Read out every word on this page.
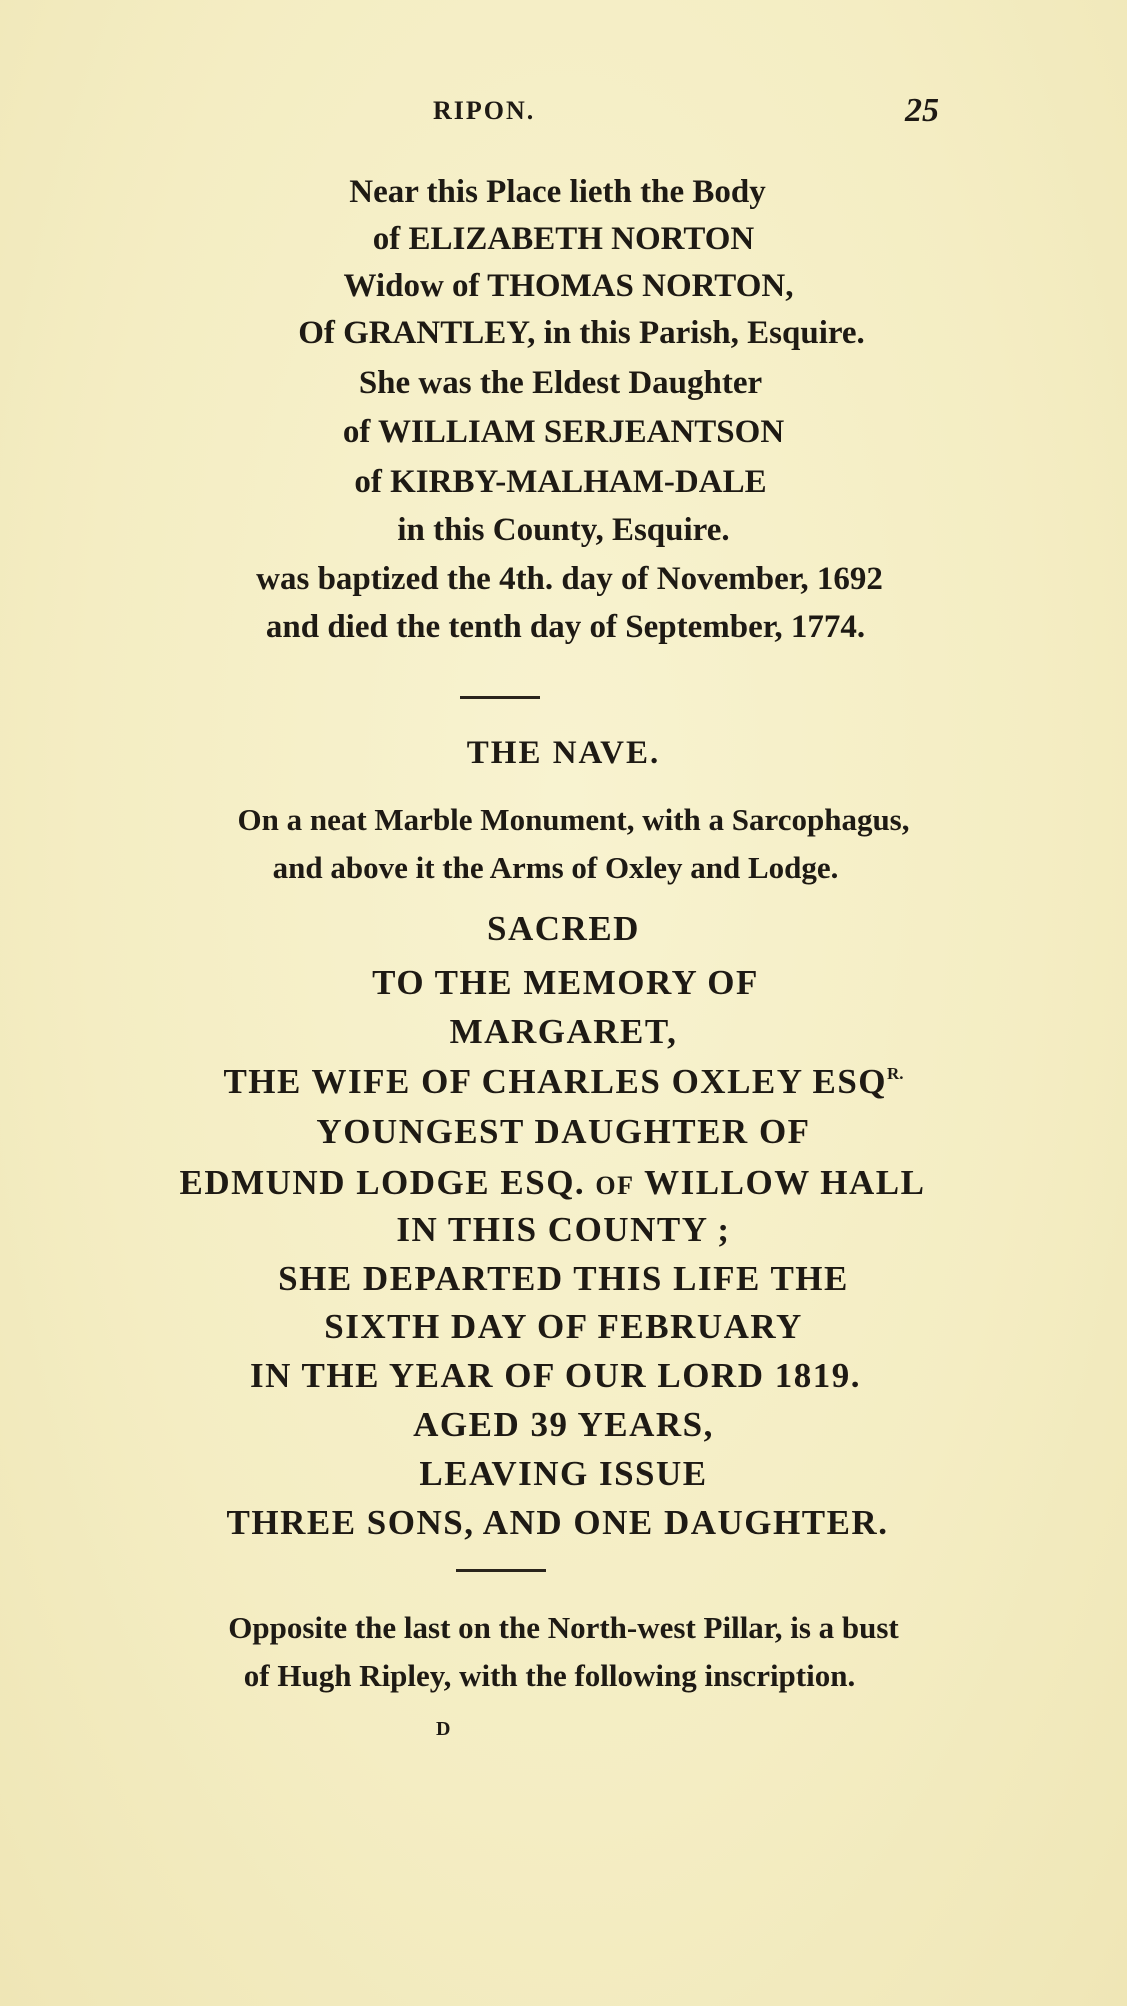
RIPON.	25
Near this Place lieth the Body
of ELIZABETH NORTON
Widow of THOMAS NORTON,
Of GRANTLEY, in this Parish, Esquire.
She was the Eldest Daughter
of WILLIAM SERJEANTSON
of KIRBY-MALHAM-DALE
in this County, Esquire.
was baptized the 4th. day of November, 1692
and died the tenth day of September, 1774.
THE NAVE.
On a neat Marble Monument, with a Sarcophagus,
and above it the Arms of Oxley and Lodge.
SACRED
TO THE MEMORY OF
MARGARET,
THE WIFE OF CHARLES OXLEY $ESQ^{R.}$
YOUNGEST DAUGHTER OF
EDMUND LODGE ESQ. OF WILLOW HALL
IN THIS COUNTY ;
SHE DEPARTED THIS LIFE THE
SIXTH DAY OF FEBRUARY
IN THE YEAR OF OUR LORD 1819.
AGED 39 YEARS,
LEAVING ISSUE
THREE SONS, AND ONE DAUGHTER.
Opposite the last on the North-west Pillar, is a bust
of Hugh Ripley, with the following inscription.
D
